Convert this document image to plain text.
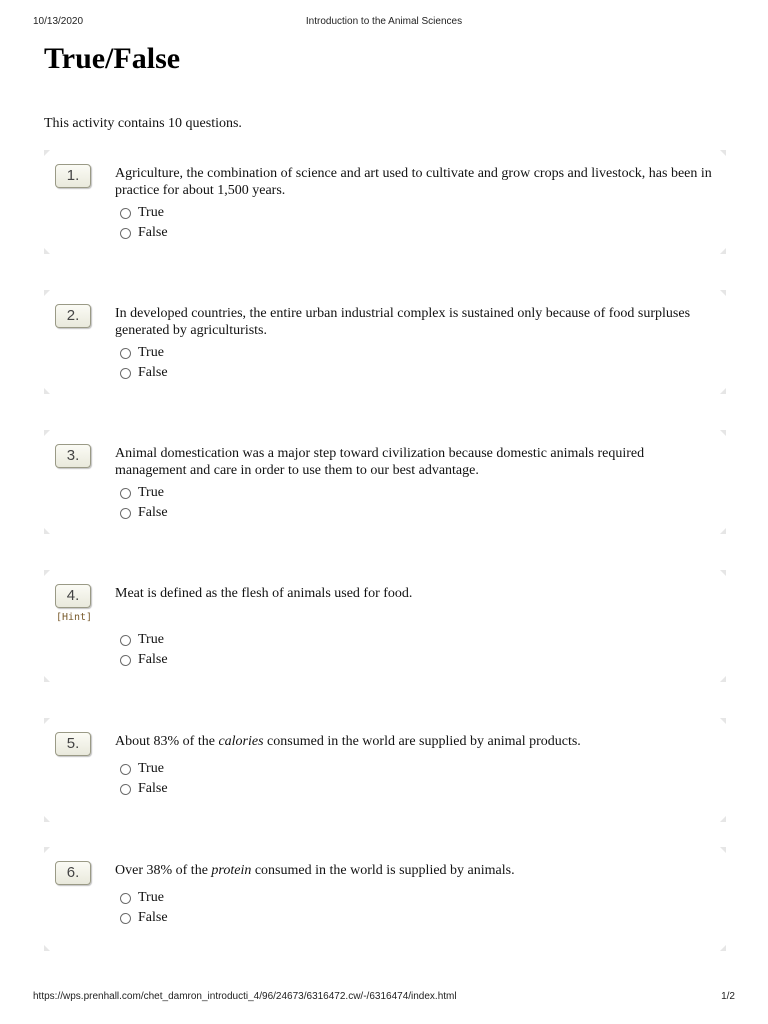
10/13/2020	Introduction to the Animal Sciences
True/False
This activity contains 10 questions.
1.	Agriculture, the combination of science and art used to cultivate and grow crops and livestock, has been in practice for about 1,500 years.
True
False
2.	In developed countries, the entire urban industrial complex is sustained only because of food surpluses generated by agriculturists.
True
False
3.	Animal domestication was a major step toward civilization because domestic animals required management and care in order to use them to our best advantage.
True
False
4.
[Hint]
Meat is defined as the flesh of animals used for food.
True
False
5.	About 83% of the calories consumed in the world are supplied by animal products.
True
False
6.	Over 38% of the protein consumed in the world is supplied by animals.
True
False
https://wps.prenhall.com/chet_damron_introducti_4/96/24673/6316472.cw/-/6316474/index.html	1/2
